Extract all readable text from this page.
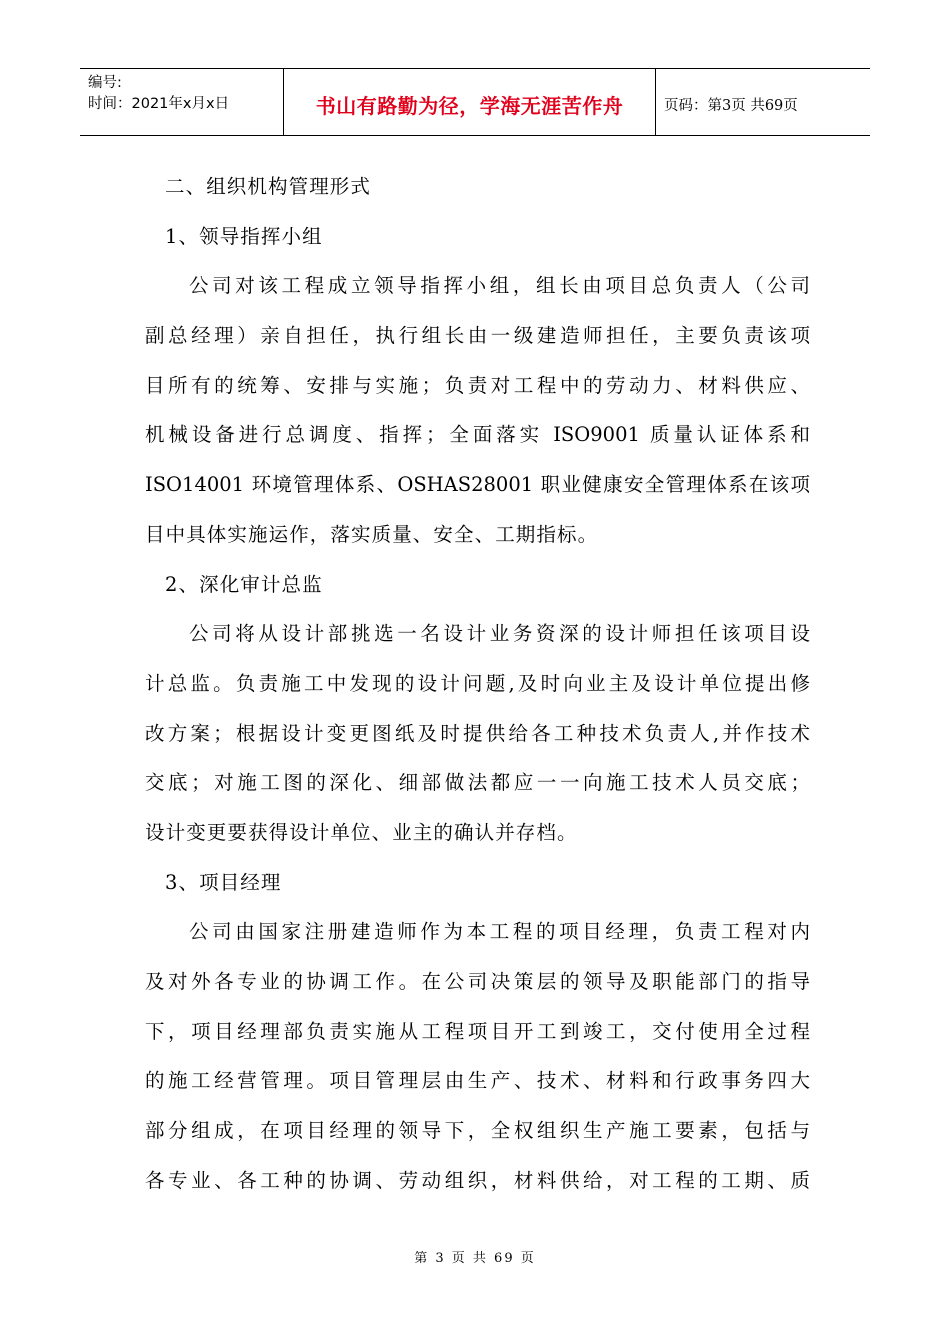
编号:
时间：2021年x月x日	书山有路勤为径，学海无涯苦作舟	页码：第3页 共69页
二、组织机构管理形式
1、领导指挥小组
公司对该工程成立领导指挥小组，组长由项目总负责人（公司
副总经理）亲自担任，执行组长由一级建造师担任，主要负责该项
目所有的统筹、安排与实施；负责对工程中的劳动力、材料供应、
机械设备进行总调度、指挥；全面落实 ISO9001 质量认证体系和
ISO14001 环境管理体系、OSHAS28001 职业健康安全管理体系在该项
目中具体实施运作，落实质量、安全、工期指标。
2、深化审计总监
公司将从设计部挑选一名设计业务资深的设计师担任该项目设
计总监。负责施工中发现的设计问题,及时向业主及设计单位提出修
改方案；根据设计变更图纸及时提供给各工种技术负责人,并作技术
交底；对施工图的深化、细部做法都应一一向施工技术人员交底；
设计变更要获得设计单位、业主的确认并存档。
3、项目经理
公司由国家注册建造师作为本工程的项目经理，负责工程对内
及对外各专业的协调工作。在公司决策层的领导及职能部门的指导
下，项目经理部负责实施从工程项目开工到竣工，交付使用全过程
的施工经营管理。项目管理层由生产、技术、材料和行政事务四大
部分组成，在项目经理的领导下，全权组织生产施工要素，包括与
各专业、各工种的协调、劳动组织，材料供给，对工程的工期、质
第 3 页 共 69 页
